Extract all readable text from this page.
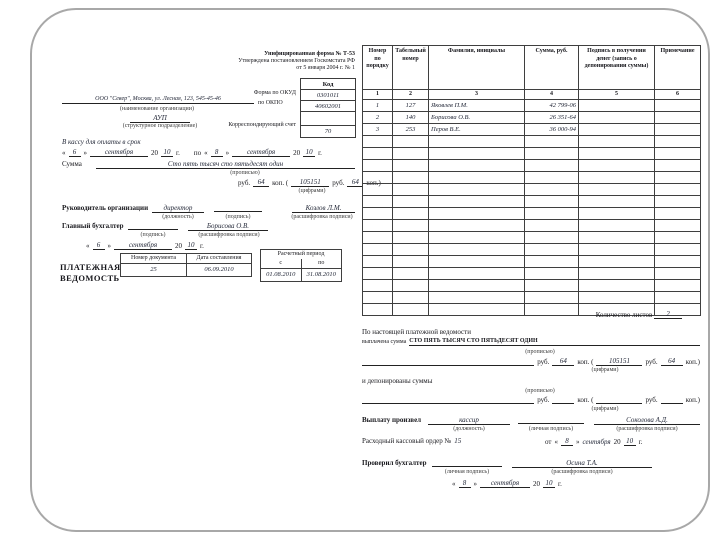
Унифицированная форма № Т-53
Утверждена постановлением Госкомстата РФ
от 5 января 2004 г. № 1
Код
0301011
40602001
70
Форма по ОКУД
по ОКПО
Корреспондирующий счет
ООО "Север", Москва, ул. Лесная, 123, 545-45-46
(наименование организации)
АУП
(структурное подразделение)
В кассу для оплаты в срок
«	6	»	сентября	20 10 г. по «	8	»	сентября	20 10 г.
Сумма	Сто пять тысяч сто пятьдесят один
(прописью)
руб.	64	коп. (	105151	руб.	64	коп.)
(цифрами)
Руководитель организации	директор	Козлов Л.М.
(должность)	(подпись)	(расшифровка подписи)
Главный бухгалтер	Борисова О.В.
(подпись)	(расшифровка подписи)
«	6	»	сентября	20 10 г.
ПЛАТЕЖНАЯ
ВЕДОМОСТЬ
Номер документа	Дата составления
25	06.09.2010
Расчетный период	
с	по
01.08.2010	31.08.2010
Номер по порядку	Табельный номер	Фамилия, инициалы	Сумма, руб.	Подпись в получении денег (запись о депонировании суммы)	Примечание
1	2	3	4	5	6
1	127	Яковлев П.М.	42 799-06		
2	140	Борисова О.В.	26 351-64		
3	253	Перов В.Е.	36 000-94		

Количество листов 2
По настоящей платежной ведомости
выплачена сумма СТО ПЯТЬ ТЫСЯЧ СТО ПЯТЬДЕСЯТ ОДИН
(прописью)
руб.	64	коп. (	105151	руб.	64	коп.)
(цифрами)
и депонированы суммы
(прописью)
руб.	коп. (	руб.	коп.)
(цифрами)
Выплату произвел	кассир	Соколова А.Д.
(должность)	(личная подпись)	(расшифровка подписи)
Расходный кассовый ордер № 15	от «	8	» сентября 20 10 г.
Проверил бухгалтер	Осина Т.А.
(личная подпись)	(расшифровка подписи)
«	8	»	сентября	20 10 г.
